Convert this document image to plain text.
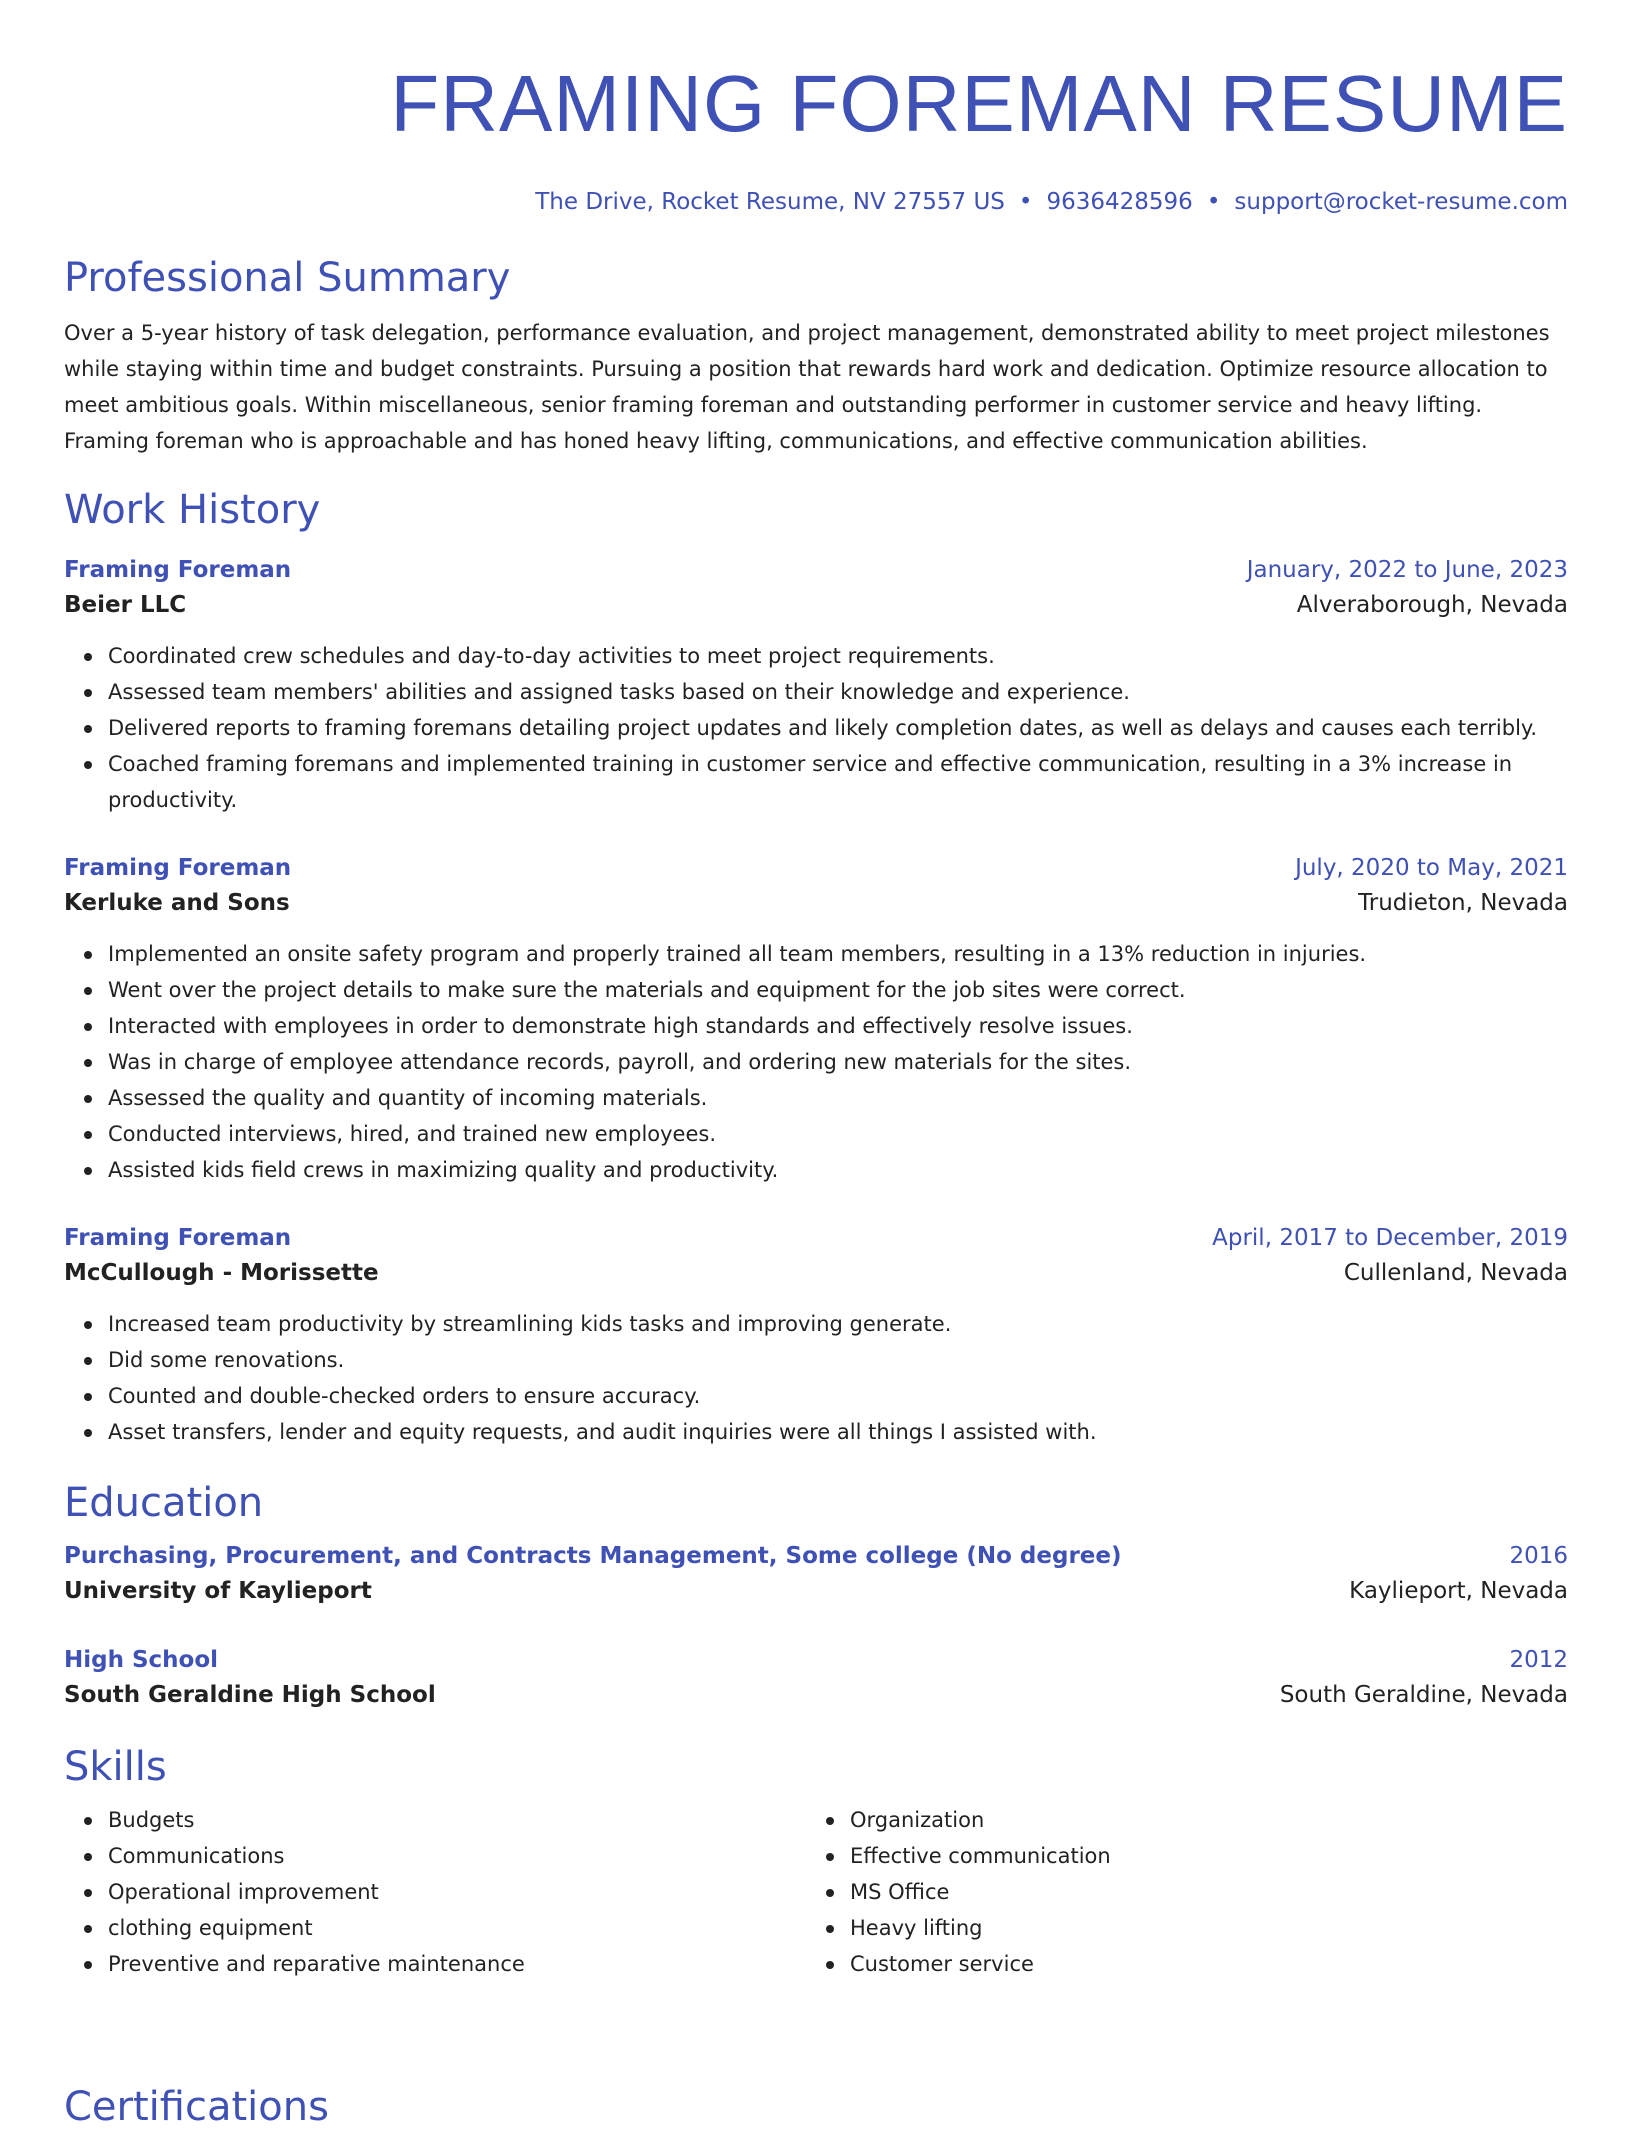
FRAMING FOREMAN RESUME
The Drive, Rocket Resume, NV 27557 US • 9636428596 • support@rocket-resume.com
Professional Summary

Over a 5-year history of task delegation, performance evaluation, and project management, demonstrated ability to meet project milestones while staying within time and budget constraints. Pursuing a position that rewards hard work and dedication. Optimize resource allocation to meet ambitious goals. Within miscellaneous, senior framing foreman and outstanding performer in customer service and heavy lifting. Framing foreman who is approachable and has honed heavy lifting, communications, and effective communication abilities.

Work History
Framing Foreman	January, 2022 to June, 2023
Beier LLC	Alveraborough, Nevada
Coordinated crew schedules and day-to-day activities to meet project requirements.
Assessed team members' abilities and assigned tasks based on their knowledge and experience.
Delivered reports to framing foremans detailing project updates and likely completion dates, as well as delays and causes each terribly.
Coached framing foremans and implemented training in customer service and effective communication, resulting in a 3% increase in productivity.
Framing Foreman	July, 2020 to May, 2021
Kerluke and Sons	Trudieton, Nevada
Implemented an onsite safety program and properly trained all team members, resulting in a 13% reduction in injuries.
Went over the project details to make sure the materials and equipment for the job sites were correct.
Interacted with employees in order to demonstrate high standards and effectively resolve issues.
Was in charge of employee attendance records, payroll, and ordering new materials for the sites.
Assessed the quality and quantity of incoming materials.
Conducted interviews, hired, and trained new employees.
Assisted kids field crews in maximizing quality and productivity.
Framing Foreman	April, 2017 to December, 2019
McCullough - Morissette	Cullenland, Nevada
Increased team productivity by streamlining kids tasks and improving generate.
Did some renovations.
Counted and double-checked orders to ensure accuracy.
Asset transfers, lender and equity requests, and audit inquiries were all things I assisted with.
Education
Purchasing, Procurement, and Contracts Management, Some college (No degree)	2016
University of Kaylieport	Kaylieport, Nevada
High School	2012
South Geraldine High School	South Geraldine, Nevada
Skills
Budgets
Communications
Operational improvement
clothing equipment
Preventive and reparative maintenance
Organization
Effective communication
MS Office
Heavy lifting
Customer service
Certifications
